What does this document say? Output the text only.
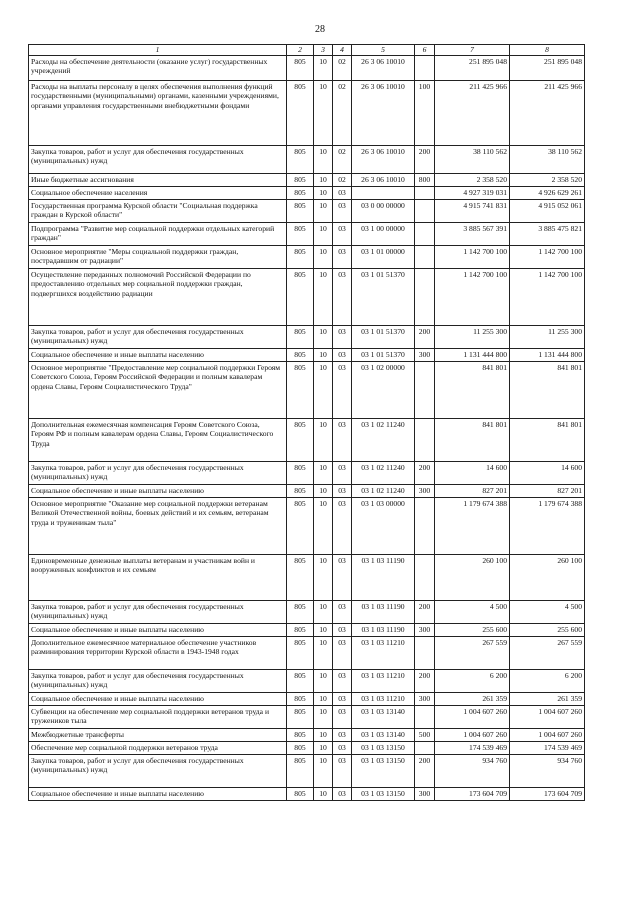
28
1	2	3	4	5	6	7	8
Расходы на обеспечение деятельности (оказание услуг) государственных учреждений	805	10	02	26 3 06 10010		251 895 048	251 895 048
Расходы на выплаты персоналу в целях обеспечения выполнения функций государственными (муниципальными) органами, казенными учреждениями, органами управления государственными внебюджетными фондами	805	10	02	26 3 06 10010	100	211 425 966	211 425 966
Закупка товаров, работ и услуг для обеспечения государственных (муниципальных) нужд	805	10	02	26 3 06 10010	200	38 110 562	38 110 562
Иные бюджетные ассигнования	805	10	02	26 3 06 10010	800	2 358 520	2 358 520
Социальное обеспечение населения	805	10	03			4 927 319 031	4 926 629 261
Государственная программа Курской области "Социальная поддержка граждан в Курской области"	805	10	03	03 0 00 00000		4 915 741 831	4 915 052 061
Подпрограмма "Развитие мер социальной поддержки отдельных категорий граждан"	805	10	03	03 1 00 00000		3 885 567 391	3 885 475 821
Основное мероприятие "Меры социальной поддержки граждан, пострадавшим от радиации"	805	10	03	03 1 01 00000		1 142 700 100	1 142 700 100
Осуществление переданных полномочий Российской Федерации по предоставлению отдельных мер социальной поддержки граждан, подвергшихся воздействию радиации	805	10	03	03 1 01 51370		1 142 700 100	1 142 700 100
Закупка товаров, работ и услуг для обеспечения государственных (муниципальных) нужд	805	10	03	03 1 01 51370	200	11 255 300	11 255 300
Социальное обеспечение и иные выплаты населению	805	10	03	03 1 01 51370	300	1 131 444 800	1 131 444 800
Основное мероприятие "Предоставление мер социальной поддержки Героям Советского Союза, Героям Российской Федерации и полным кавалерам ордена Славы, Героям Социалистического Труда"	805	10	03	03 1 02 00000		841 801	841 801
Дополнительная ежемесячная компенсация Героям Советского Союза, Героям РФ и полным кавалерам ордена Славы, Героям Социалистического Труда	805	10	03	03 1 02 11240		841 801	841 801
Закупка товаров, работ и услуг для обеспечения государственных (муниципальных) нужд	805	10	03	03 1 02 11240	200	14 600	14 600
Социальное обеспечение и иные выплаты населению	805	10	03	03 1 02 11240	300	827 201	827 201
Основное мероприятие "Оказание мер социальной поддержки ветеранам Великой Отечественной войны, боевых действий и их семьям, ветеранам труда и труженикам тыла"	805	10	03	03 1 03 00000		1 179 674 388	1 179 674 388
Единовременные денежные выплаты ветеранам и участникам войн и вооруженных конфликтов и их семьям	805	10	03	03 1 03 11190		260 100	260 100
Закупка товаров, работ и услуг для обеспечения государственных (муниципальных) нужд	805	10	03	03 1 03 11190	200	4 500	4 500
Социальное обеспечение и иные выплаты населению	805	10	03	03 1 03 11190	300	255 600	255 600
Дополнительное ежемесячное материальное обеспечение участников разминирования территории Курской области в 1943-1948 годах	805	10	03	03 1 03 11210		267 559	267 559
Закупка товаров, работ и услуг для обеспечения государственных (муниципальных) нужд	805	10	03	03 1 03 11210	200	6 200	6 200
Социальное обеспечение и иные выплаты населению	805	10	03	03 1 03 11210	300	261 359	261 359
Субвенции на обеспечение мер социальной поддержки ветеранов труда и тружеников тыла	805	10	03	03 1 03 13140		1 004 607 260	1 004 607 260
Межбюджетные трансферты	805	10	03	03 1 03 13140	500	1 004 607 260	1 004 607 260
Обеспечение мер социальной поддержки ветеранов труда	805	10	03	03 1 03 13150		174 539 469	174 539 469
Закупка товаров, работ и услуг для обеспечения государственных (муниципальных) нужд	805	10	03	03 1 03 13150	200	934 760	934 760
Социальное обеспечение и иные выплаты населению	805	10	03	03 1 03 13150	300	173 604 709	173 604 709
